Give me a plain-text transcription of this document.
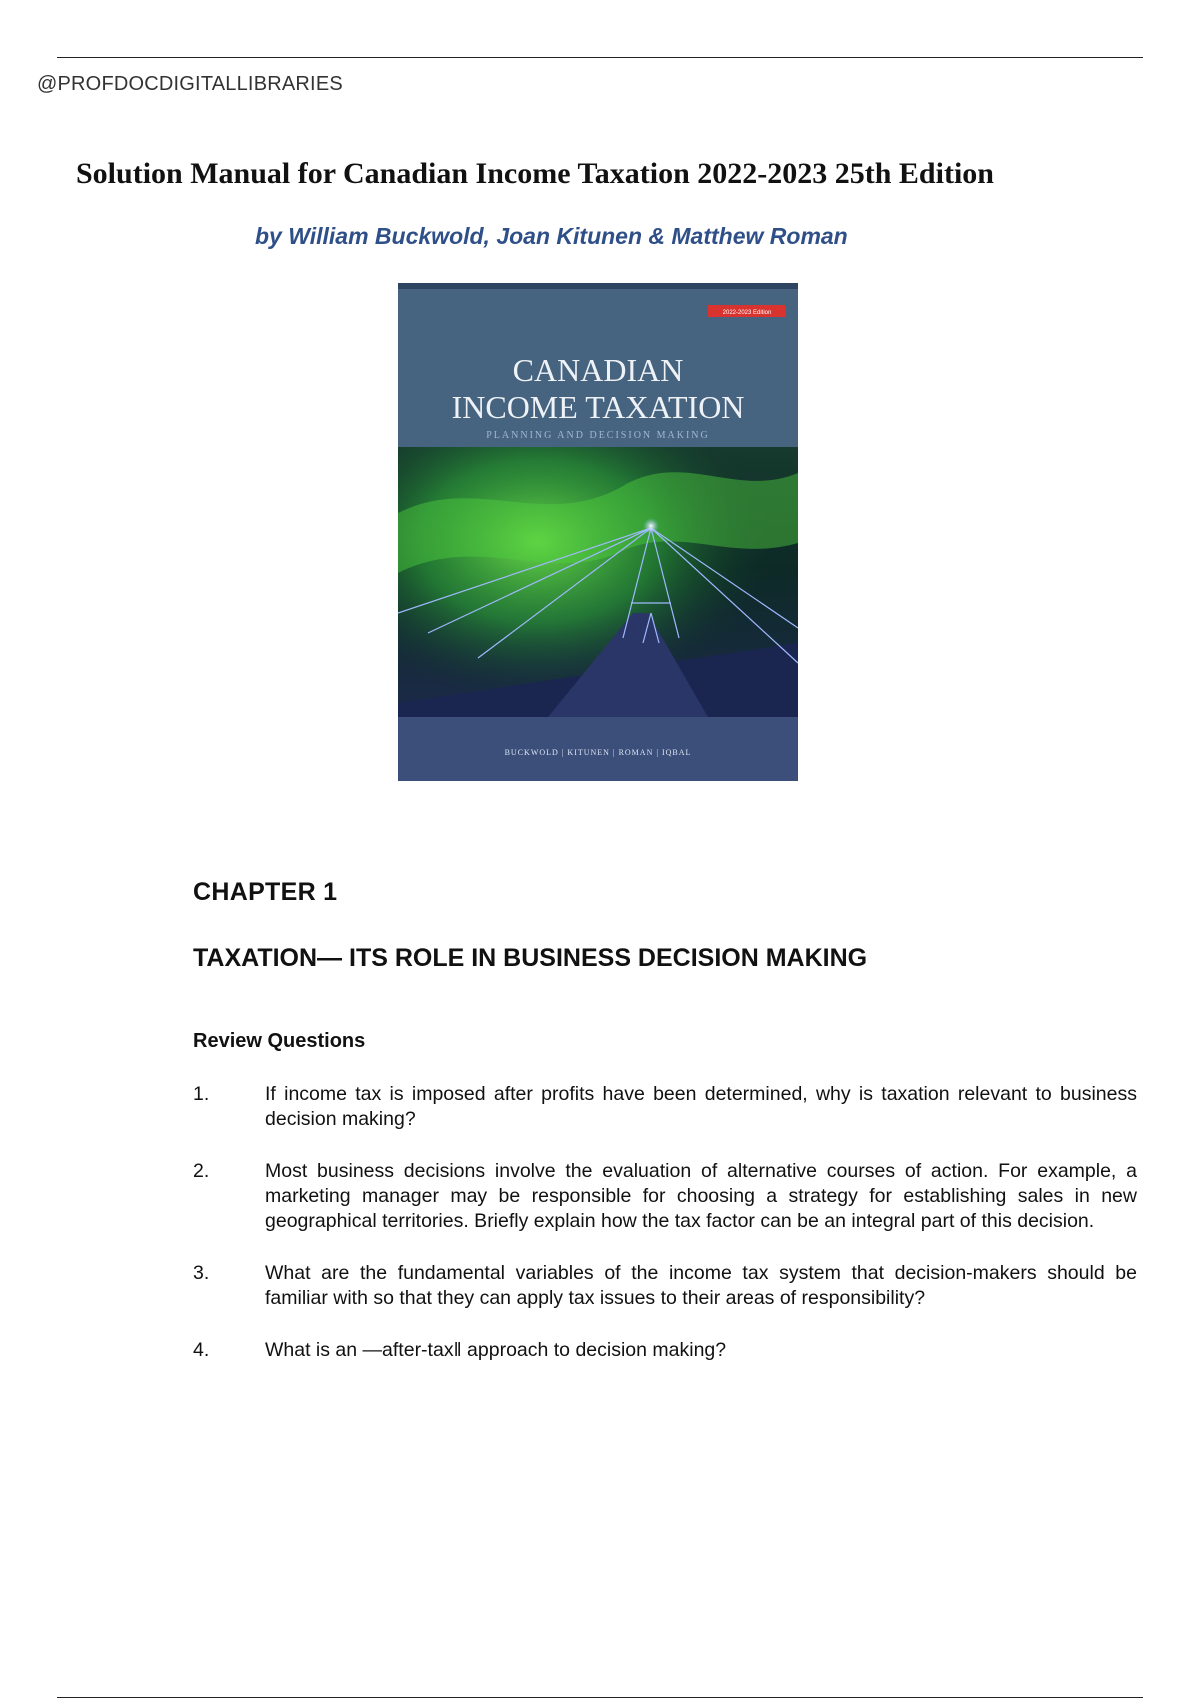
@PROFDOCDIGITALLIBRARIES
Solution Manual for Canadian Income Taxation 2022-2023 25th Edition

by William Buckwold, Joan Kitunen & Matthew Roman

2022-2023 Edition
CANADIAN
INCOME TAXATION
PLANNING AND DECISION MAKING
BUCKWOLD | KITUNEN | ROMAN | IQBAL
CHAPTER 1
TAXATION— ITS ROLE IN BUSINESS DECISION MAKING
Review Questions
1.	If income tax is imposed after profits have been determined, why is taxation relevant to business decision making?
2.	Most business decisions involve the evaluation of alternative courses of action. For example, a marketing manager may be responsible for choosing a strategy for establishing sales in new geographical territories. Briefly explain how the tax factor can be an integral part of this decision.
3.	What are the fundamental variables of the income tax system that decision-makers should be familiar with so that they can apply tax issues to their areas of responsibility?
4.	What is an ―after-tax‖ approach to decision making?
